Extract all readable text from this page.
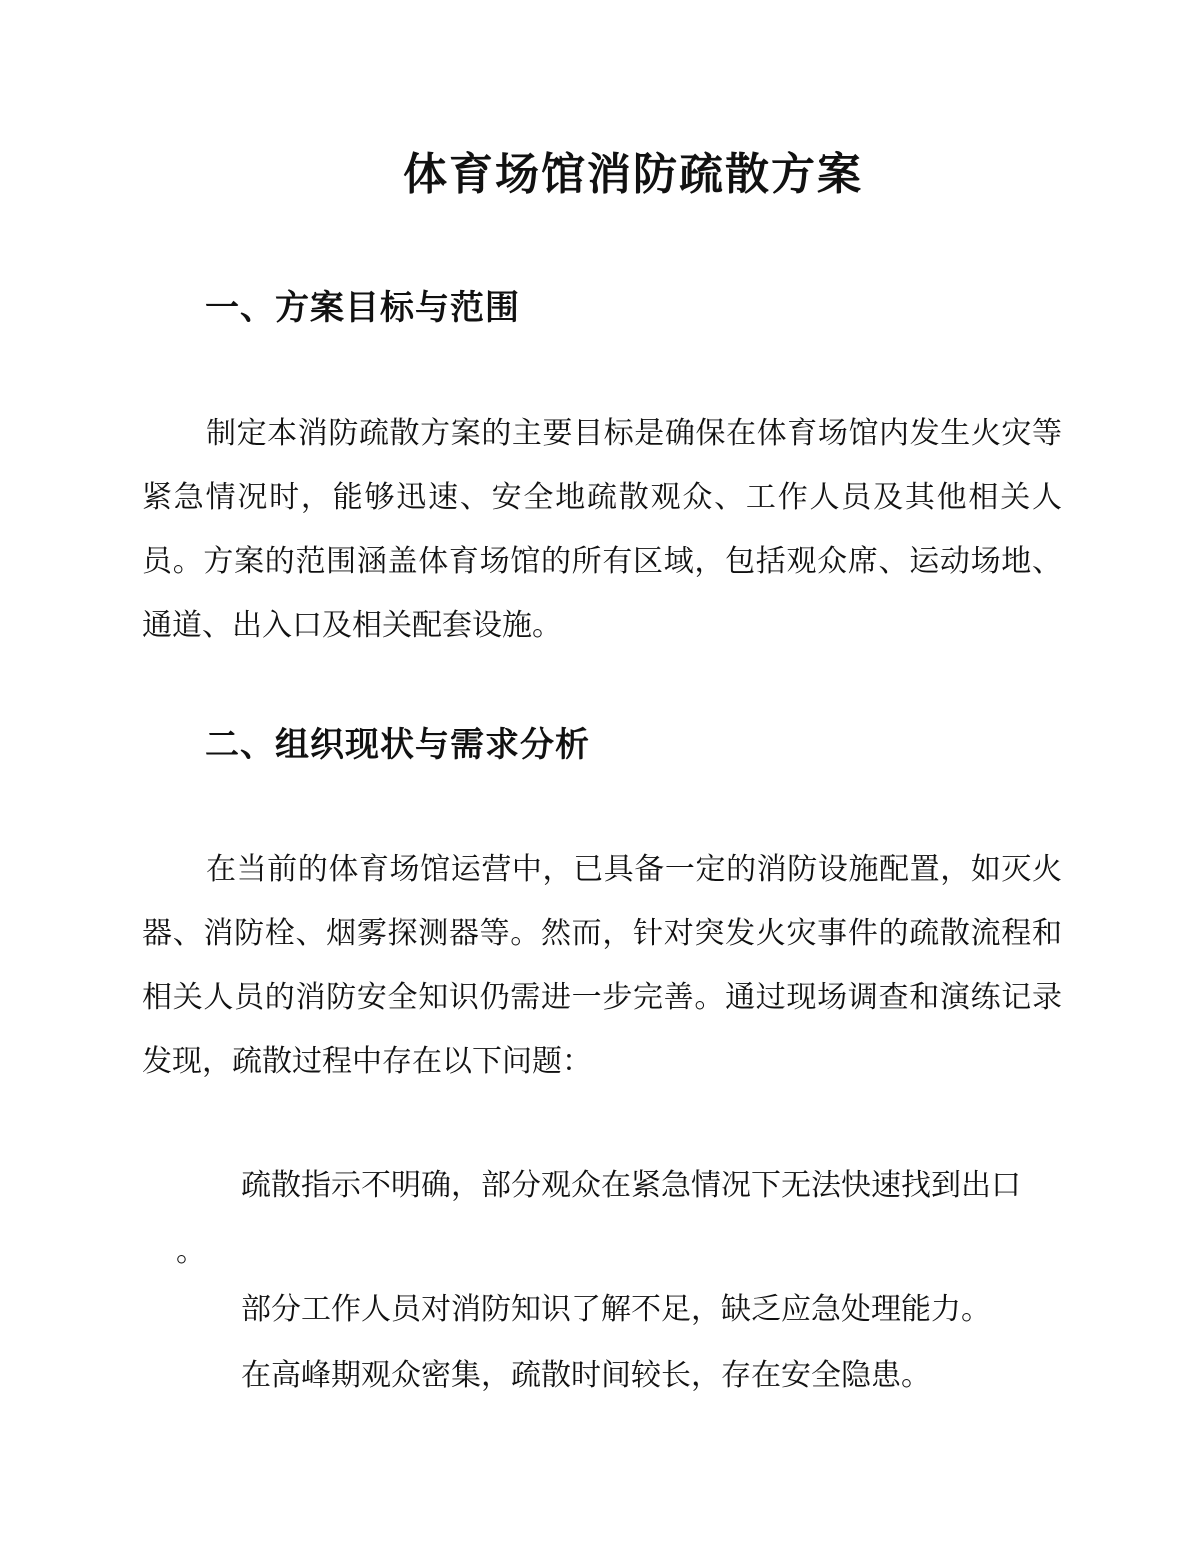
体育场馆消防疏散方案
一、方案目标与范围

制定本消防疏散方案的主要目标是确保在体育场馆内发生火灾等紧急情况时，能够迅速、安全地疏散观众、工作人员及其他相关人员。方案的范围涵盖体育场馆的所有区域，包括观众席、运动场地、通道、出入口及相关配套设施。

二、组织现状与需求分析

在当前的体育场馆运营中，已具备一定的消防设施配置，如灭火器、消防栓、烟雾探测器等。然而，针对突发火灾事件的疏散流程和相关人员的消防安全知识仍需进一步完善。通过现场调查和演练记录发现，疏散过程中存在以下问题：

疏散指示不明确，部分观众在紧急情况下无法快速找到出口

。

部分工作人员对消防知识了解不足，缺乏应急处理能力。

在高峰期观众密集，疏散时间较长，存在安全隐患。
